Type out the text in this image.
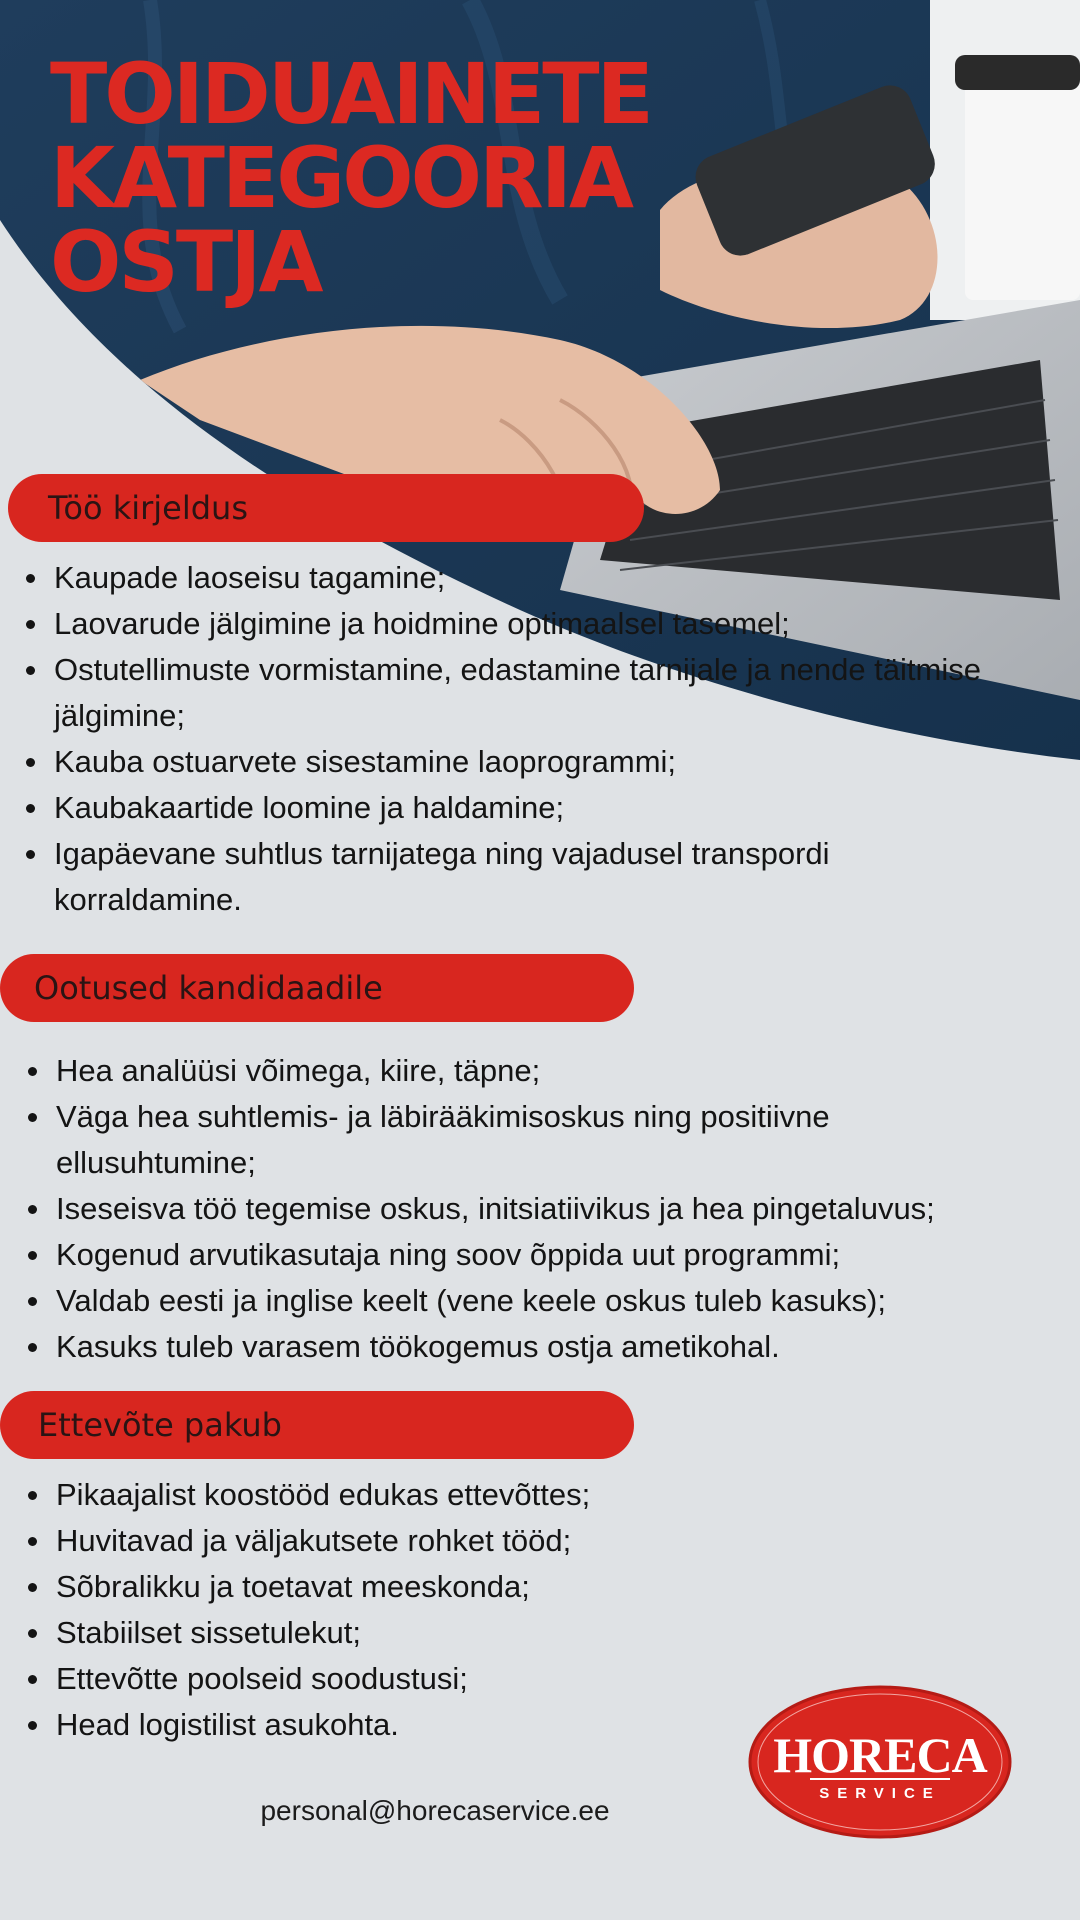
TOIDUAINETE
KATEGOORIA
OSTJA
Töö kirjeldus
Kaupade laoseisu tagamine;
Laovarude jälgimine ja hoidmine optimaalsel tasemel;
Ostutellimuste vormistamine, edastamine tarnijale ja nende täitmise jälgimine;
Kauba ostuarvete sisestamine laoprogrammi;
Kaubakaartide loomine ja haldamine;
Igapäevane suhtlus tarnijatega ning vajadusel transpordi korraldamine.
Ootused kandidaadile
Hea analüüsi võimega, kiire, täpne;
Väga hea suhtlemis- ja läbirääkimisoskus ning positiivne ellusuhtumine;
Iseseisva töö tegemise oskus, initsiatiivikus ja hea pingetaluvus;
Kogenud arvutikasutaja ning soov õppida uut programmi;
Valdab eesti ja inglise keelt (vene keele oskus tuleb kasuks);
Kasuks tuleb varasem töökogemus ostja ametikohal.
Ettevõte pakub
Pikaajalist koostööd edukas ettevõttes;
Huvitavad ja väljakutsete rohket tööd;
Sõbralikku ja toetavat meeskonda;
Stabiilset sissetulekut;
Ettevõtte poolseid soodustusi;
Head logistilist asukohta.
HORECA
SERVICE
personal@horecaservice.ee
